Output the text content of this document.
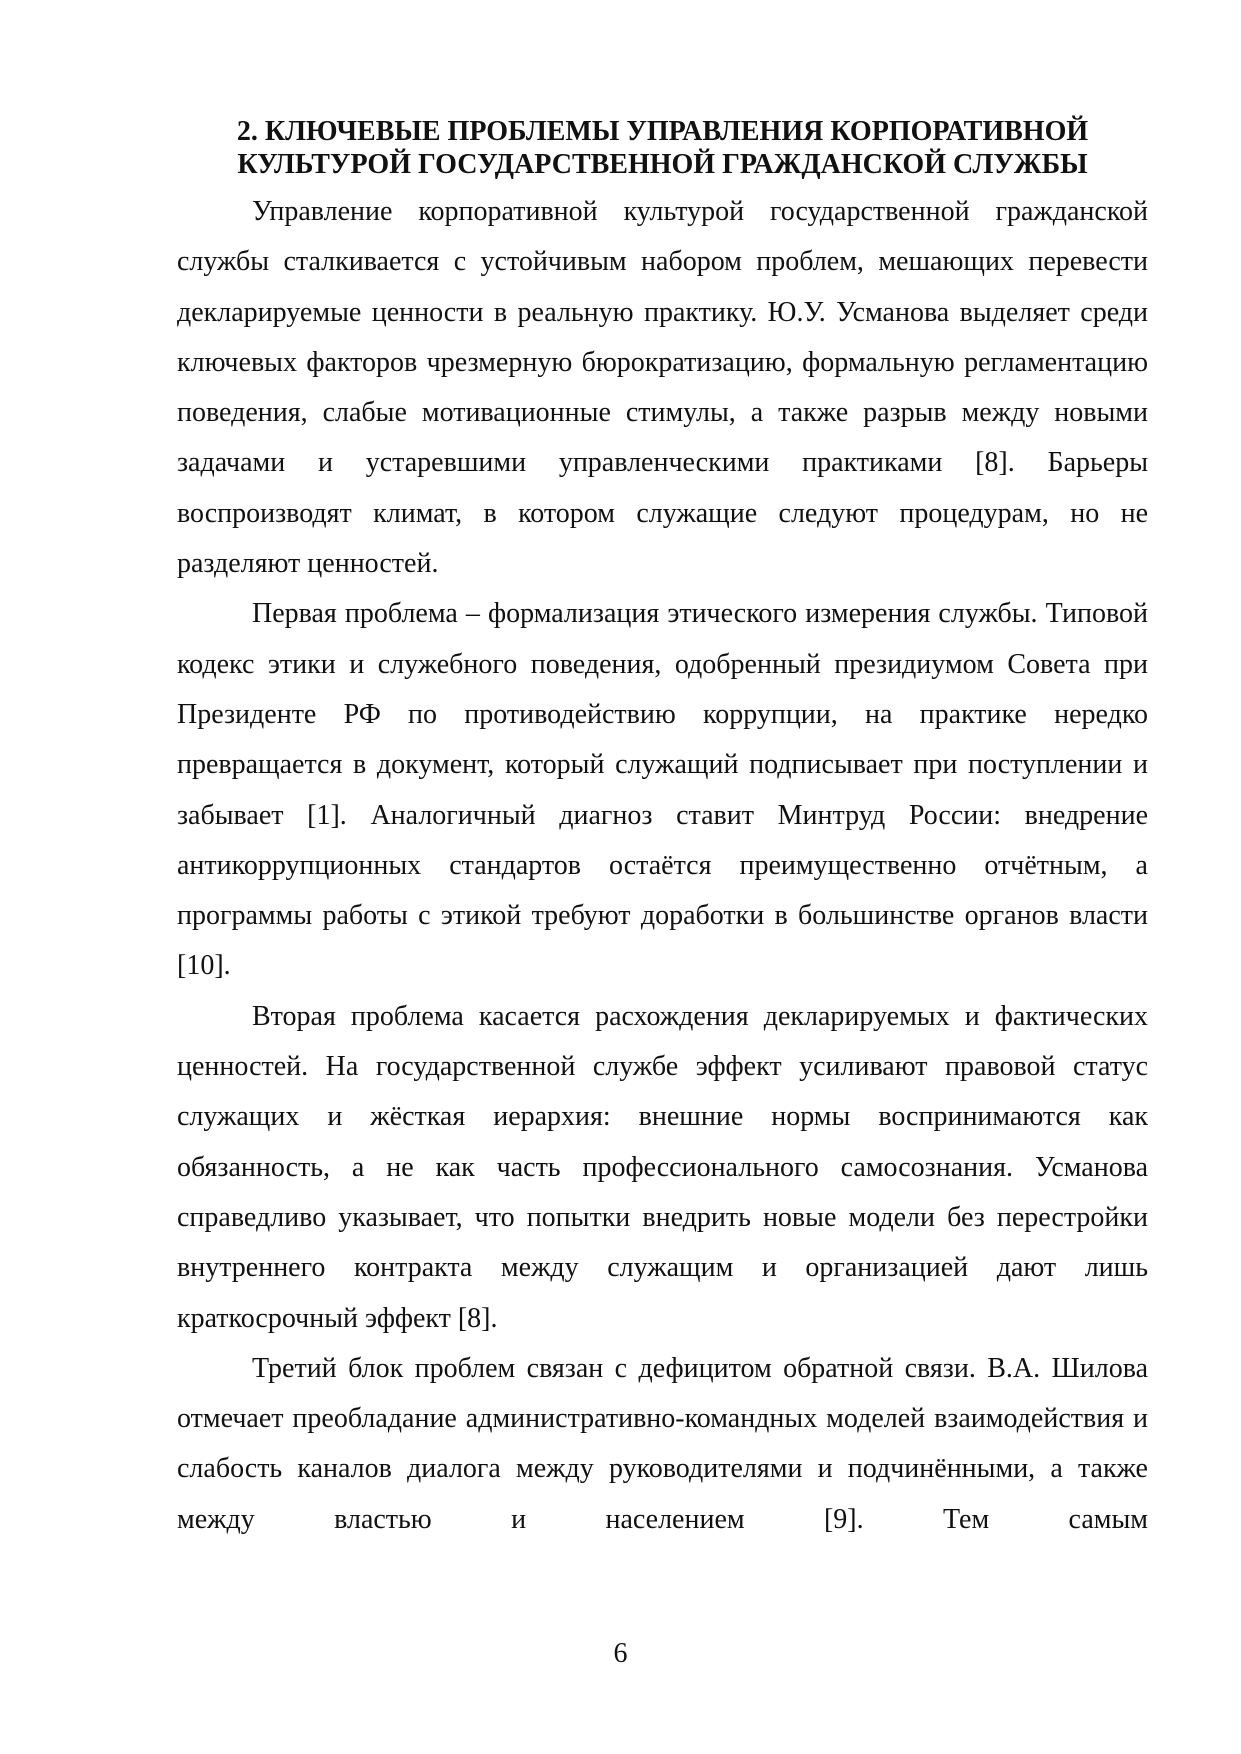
2. КЛЮЧЕВЫЕ ПРОБЛЕМЫ УПРАВЛЕНИЯ КОРПОРАТИВНОЙ
КУЛЬТУРОЙ ГОСУДАРСТВЕННОЙ ГРАЖДАНСКОЙ СЛУЖБЫ

Управление корпоративной культурой государственной гражданской службы сталкивается с устойчивым набором проблем, мешающих перевести декларируемые ценности в реальную практику. Ю.У. Усманова выделяет среди ключевых факторов чрезмерную бюрократизацию, формальную регламентацию поведения, слабые мотивационные стимулы, а также разрыв между новыми задачами и устаревшими управленческими практиками [8]. Барьеры воспроизводят климат, в котором служащие следуют процедурам, но не разделяют ценностей.

Первая проблема – формализация этического измерения службы. Типовой кодекс этики и служебного поведения, одобренный президиумом Совета при Президенте РФ по противодействию коррупции, на практике нередко превращается в документ, который служащий подписывает при поступлении и забывает [1]. Аналогичный диагноз ставит Минтруд России: внедрение антикоррупционных стандартов остаётся преимущественно отчётным, а программы работы с этикой требуют доработки в большинстве органов власти [10].

Вторая проблема касается расхождения декларируемых и фактических ценностей. На государственной службе эффект усиливают правовой статус служащих и жёсткая иерархия: внешние нормы воспринимаются как обязанность, а не как часть профессионального самосознания. Усманова справедливо указывает, что попытки внедрить новые модели без перестройки внутреннего контракта между служащим и организацией дают лишь краткосрочный эффект [8].

Третий блок проблем связан с дефицитом обратной связи. В.А. Шилова отмечает преобладание административно-командных моделей взаимодействия и слабость каналов диалога между руководителями и подчинёнными, а также между властью и населением [9]. Тем самым

6
